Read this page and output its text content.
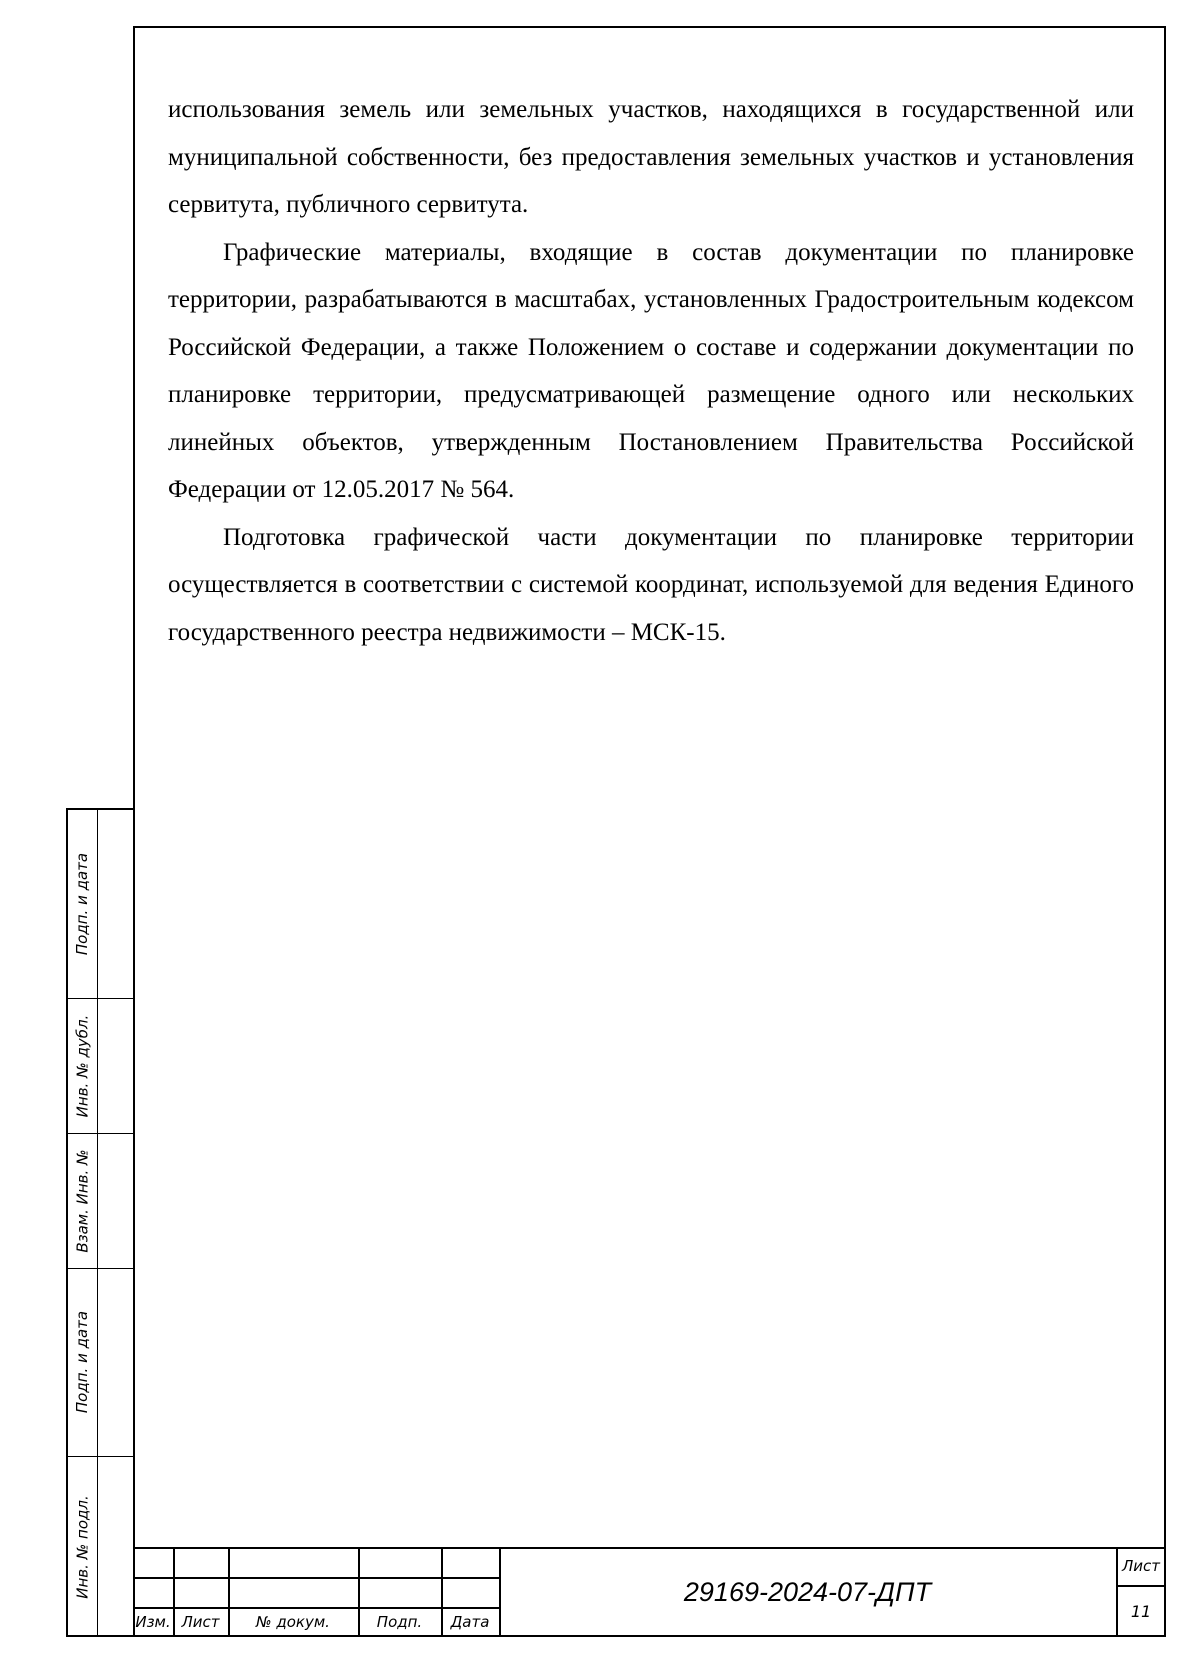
использования земель или земельных участков, находящихся в государственной или муниципальной собственности, без предоставления земельных участков и установления сервитута, публичного сервитута.

Графические материалы, входящие в состав документации по планировке территории, разрабатываются в масштабах, установленных Градостроительным кодексом Российской Федерации, а также Положением о составе и содержании документации по планировке территории, предусматривающей размещение одного или нескольких линейных объектов, утвержденным Постановлением Правительства Российской Федерации от 12.05.2017 № 564.

Подготовка графической части документации по планировке территории осуществляется в соответствии с системой координат, используемой для ведения Единого государственного реестра недвижимости – МСК-15.

Подп. и дата
Инв. № дубл.
Взам. Инв. №
Подп. и дата
Инв. № подл.
Изм. Лист	№ докум.	Подп.	Дата
29169-2024-07-ДПТ
Лист
11
